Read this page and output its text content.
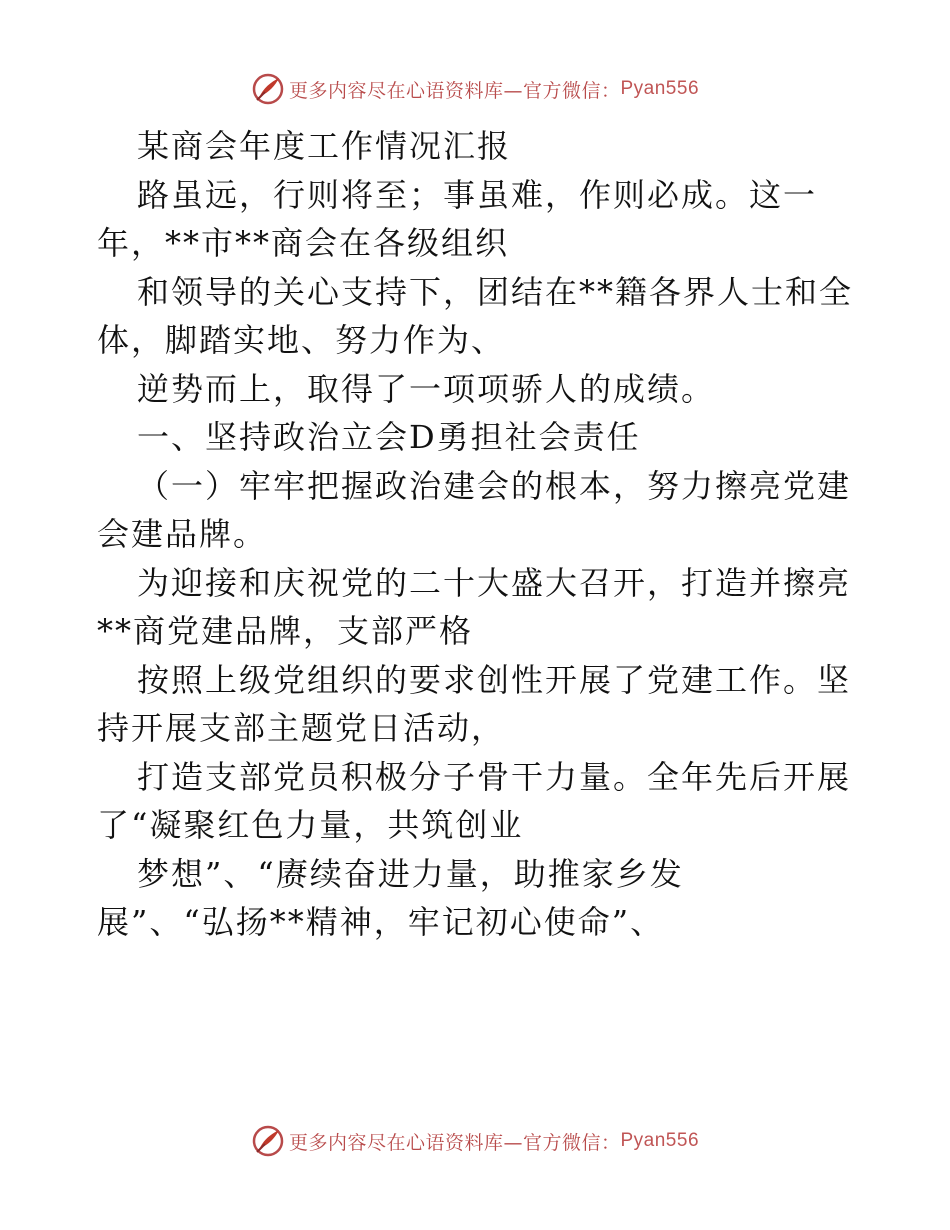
更多内容尽在心语资料库—官方微信： Pyan556
某商会年度工作情况汇报
路虽远，行则将至；事虽难，作则必成。这一
年，**市**商会在各级组织
和领导的关心支持下，团结在**籍各界人士和全
体，脚踏实地、努力作为、
逆势而上，取得了一项项骄人的成绩。
一、坚持政治立会D勇担社会责任
（一）牢牢把握政治建会的根本，努力擦亮党建
会建品牌。
为迎接和庆祝党的二十大盛大召开，打造并擦亮
**商党建品牌，支部严格
按照上级党组织的要求创性开展了党建工作。坚
持开展支部主题党日活动，
打造支部党员积极分子骨干力量。全年先后开展
了“凝聚红色力量，共筑创业
梦想”、“赓续奋进力量，助推家乡发
展”、“弘扬**精神，牢记初心使命”、
更多内容尽在心语资料库—官方微信： Pyan556
